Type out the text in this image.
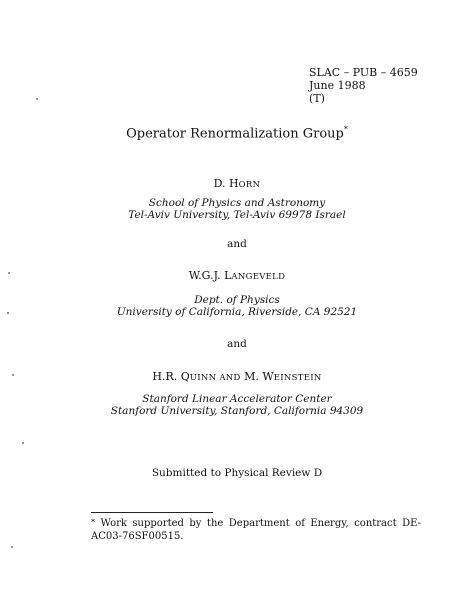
SLAC – PUB – 4659
June 1988
(T)
Operator Renormalization Group*
D. HORN
School of Physics and Astronomy
Tel-Aviv University, Tel-Aviv 69978 Israel
and
W.G.J. LANGEVELD
Dept. of Physics
University of California, Riverside, CA 92521
and
H.R. QUINN AND M. WEINSTEIN
Stanford Linear Accelerator Center
Stanford University, Stanford, California 94309
Submitted to Physical Review D
* Work supported by the Department of Energy, contract DE-AC03-76SF00515.
